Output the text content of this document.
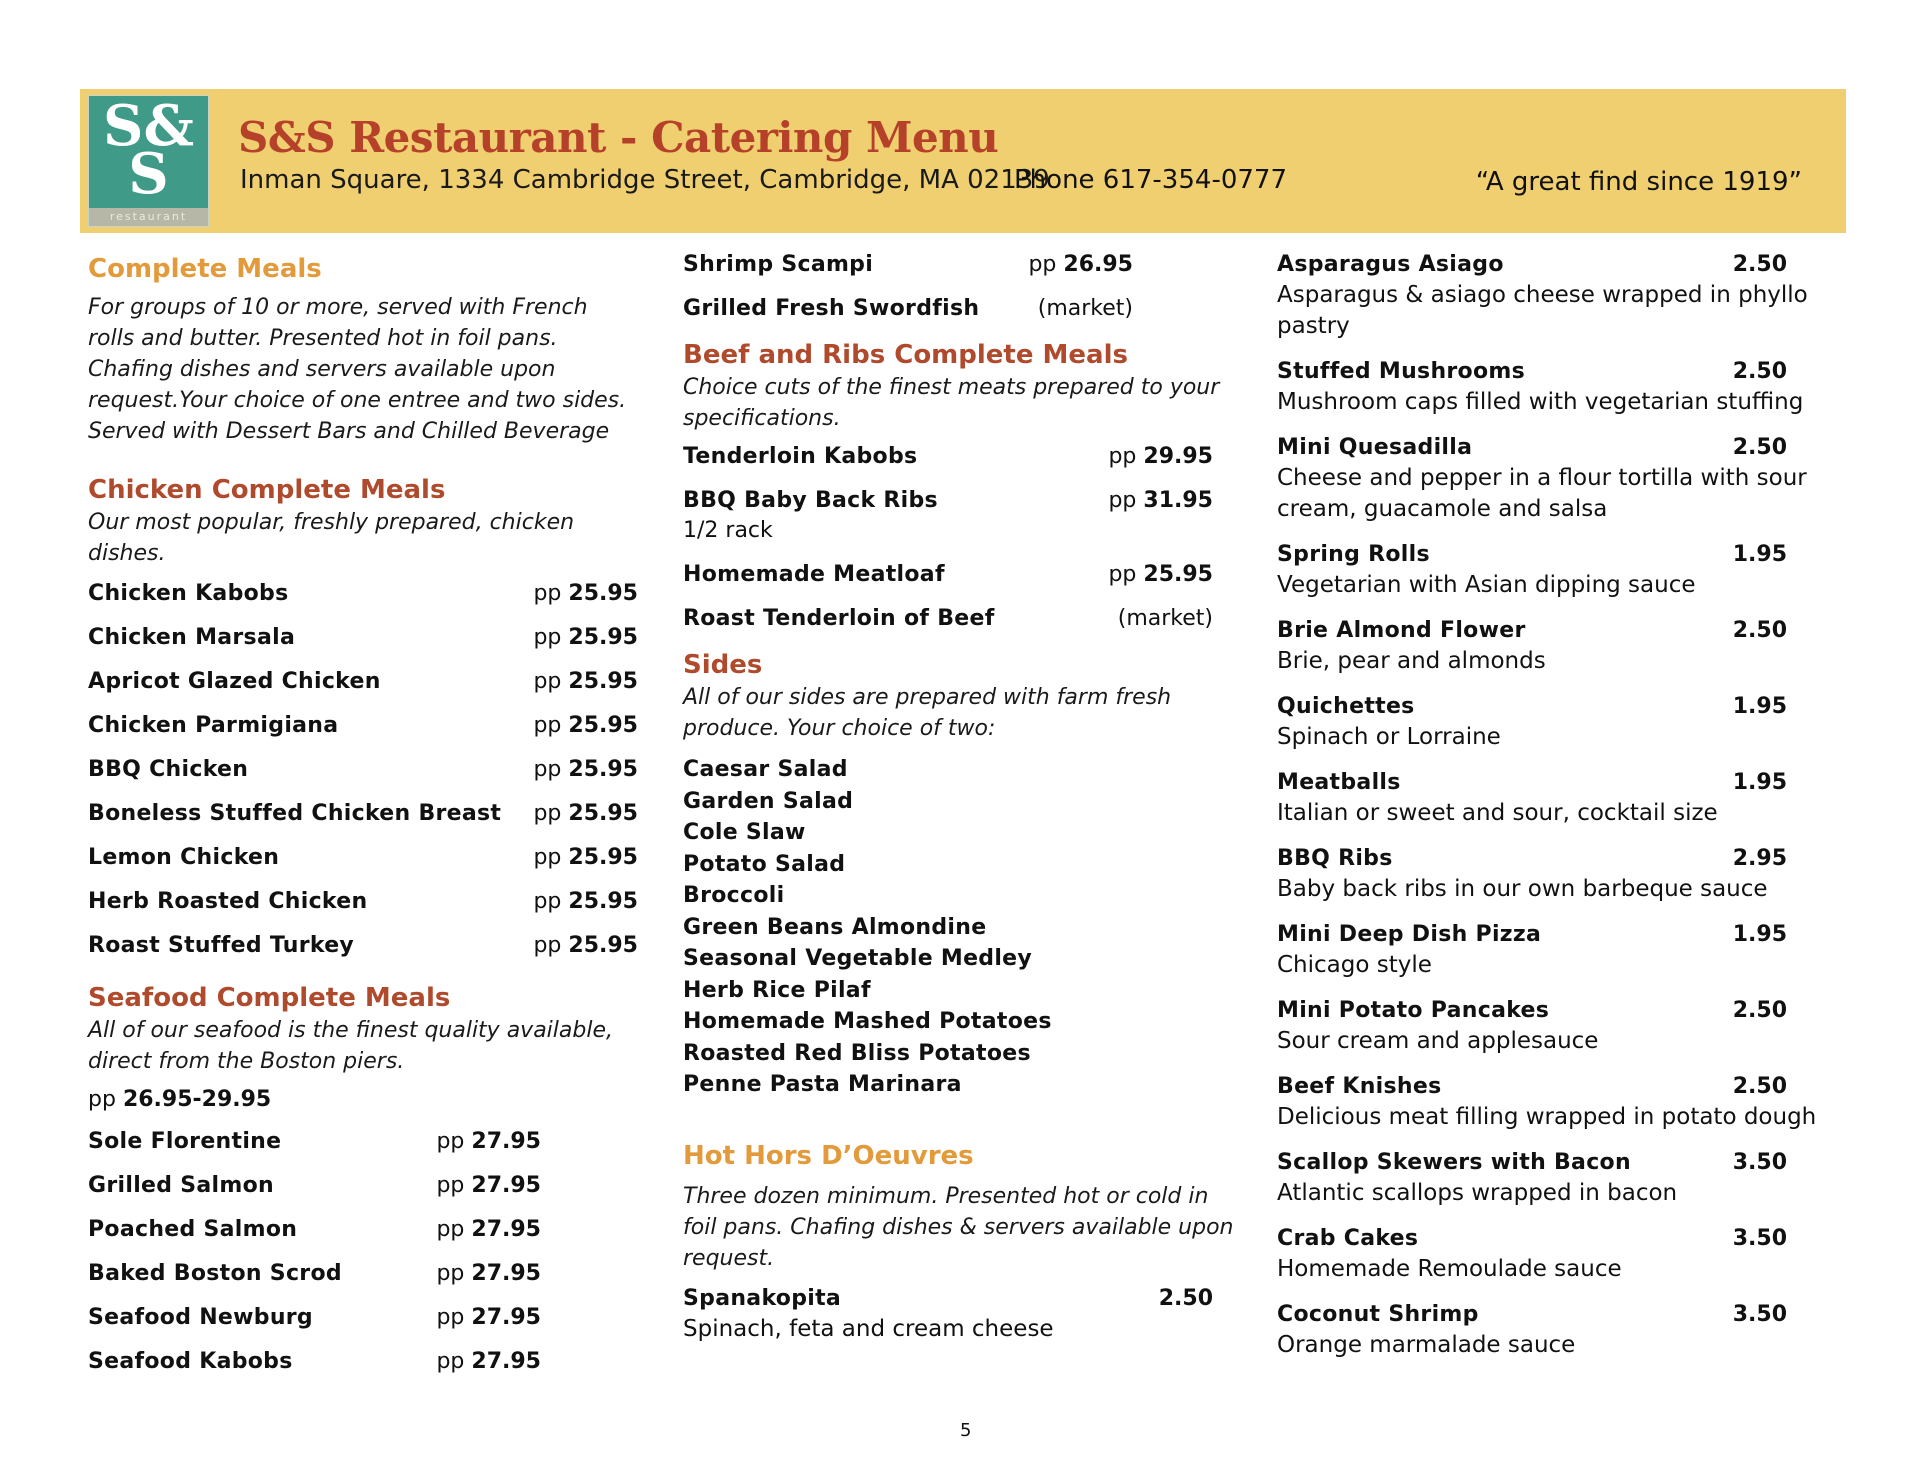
S&
S
restaurant
S&S Restaurant - Catering Menu
Inman Square, 1334 Cambridge Street, Cambridge, MA 02139
Phone 617-354-0777	“A great find since 1919”
Complete Meals

For groups of 10 or more, served with French rolls and butter. Presented hot in foil pans. Chafing dishes and servers available upon request.Your choice of one entree and two sides. Served with Dessert Bars and Chilled Beverage

Chicken Complete Meals

Our most popular, freshly prepared, chicken dishes.

Chicken Kabobs	pp 25.95
Chicken Marsala	pp 25.95
Apricot Glazed Chicken	pp 25.95
Chicken Parmigiana	pp 25.95
BBQ Chicken	pp 25.95
Boneless Stuffed Chicken Breast pp 25.95
Lemon Chicken	pp 25.95
Herb Roasted Chicken	pp 25.95
Roast Stuffed Turkey	pp 25.95
Seafood Complete Meals

All of our seafood is the finest quality available, direct from the Boston piers.

pp
26.95-29.95
Sole Florentine	pp 27.95
Grilled Salmon	pp 27.95
Poached Salmon	pp 27.95
Baked Boston Scrod	pp 27.95
Seafood Newburg	pp 27.95
Seafood Kabobs	pp 27.95
Shrimp Scampi	pp 26.95
Grilled Fresh Swordfish	(market)
Beef and Ribs Complete Meals

Choice cuts of the finest meats prepared to your specifications.

Tenderloin Kabobs	pp 29.95
BBQ Baby Back Ribs	pp 31.95
1/2 rack
Homemade Meatloaf	pp 25.95
Roast Tenderloin of Beef	(market)
Sides

All of our sides are prepared with farm fresh produce. Your choice of two:

Caesar Salad
Garden Salad
Cole Slaw
Potato Salad
Broccoli
Green Beans Almondine
Seasonal Vegetable Medley
Herb Rice Pilaf
Homemade Mashed Potatoes
Roasted Red Bliss Potatoes
Penne Pasta Marinara
Hot Hors D’Oeuvres

Three dozen minimum. Presented hot or cold in foil pans. Chafing dishes & servers available upon request.

Spanakopita	2.50
Spinach, feta and cream cheese
Asparagus Asiago	2.50
Asparagus & asiago cheese wrapped in phyllo pastry
Stuffed Mushrooms	2.50
Mushroom caps filled with vegetarian stuffing
Mini Quesadilla	2.50
Cheese and pepper in a flour tortilla with sour cream, guacamole and salsa
Spring Rolls	1.95
Vegetarian with Asian dipping sauce
Brie Almond Flower	2.50
Brie, pear and almonds
Quichettes	1.95
Spinach or Lorraine
Meatballs	1.95
Italian or sweet and sour, cocktail size
BBQ Ribs	2.95
Baby back ribs in our own barbeque sauce
Mini Deep Dish Pizza	1.95
Chicago style
Mini Potato Pancakes	2.50
Sour cream and applesauce
Beef Knishes	2.50
Delicious meat filling wrapped in potato dough
Scallop Skewers with Bacon	3.50
Atlantic scallops wrapped in bacon
Crab Cakes	3.50
Homemade Remoulade sauce
Coconut Shrimp	3.50
Orange marmalade sauce
5
